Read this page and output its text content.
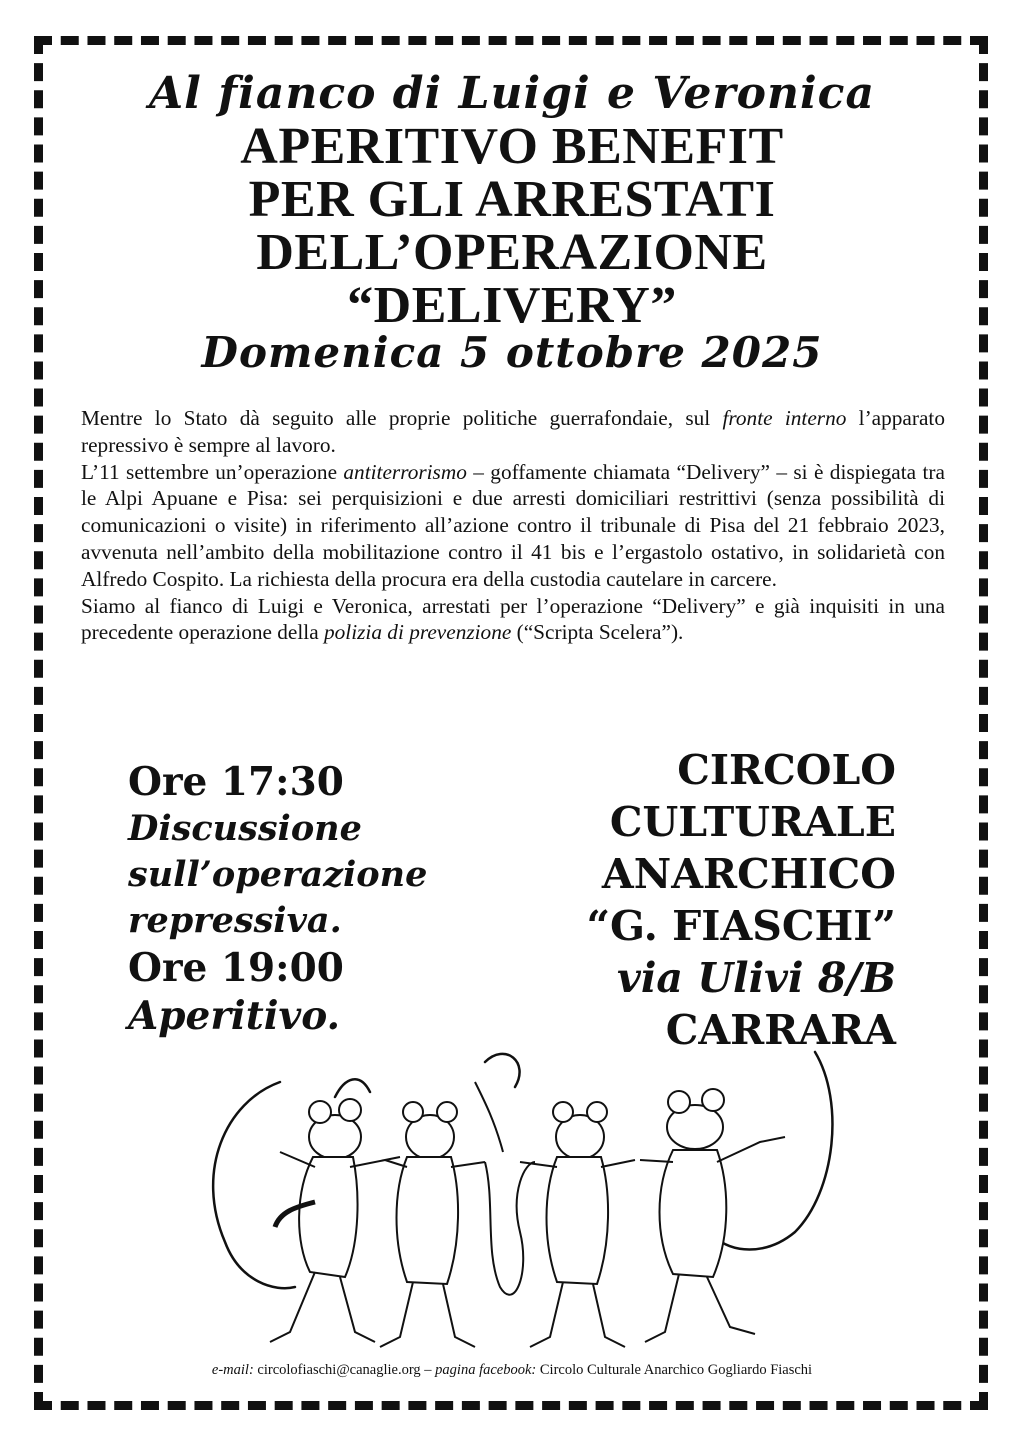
Al fianco di Luigi e Veronica
APERITIVO BENEFIT
PER GLI ARRESTATI
DELL’OPERAZIONE
“DELIVERY”
Domenica 5 ottobre 2025

Mentre lo Stato dà seguito alle proprie politiche guerrafondaie, sul fronte interno l’apparato repressivo è sempre al lavoro.

L’11 settembre un’operazione antiterrorismo – goffamente chiamata “Delivery” – si è dispiegata tra le Alpi Apuane e Pisa: sei perquisizioni e due arresti domiciliari restrittivi (senza possibilità di comunicazioni o visite) in riferimento all’azione contro il tribunale di Pisa del 21 febbraio 2023, avvenuta nell’ambito della mobilitazione contro il 41 bis e l’ergastolo ostativo, in solidarietà con Alfredo Cospito. La richiesta della procura era della custodia cautelare in carcere.

Siamo al fianco di Luigi e Veronica, arrestati per l’operazione “Delivery” e già inquisiti in una precedente operazione della polizia di prevenzione (“Scripta Scelera”).

Ore 17:30
Discussione
sull’operazione
repressiva.
Ore 19:00
Aperitivo.
CIRCOLO
CULTURALE
ANARCHICO
“G. FIASCHI”
via Ulivi 8/B
CARRARA
e-mail: circolofiaschi@canaglie.org – pagina facebook: Circolo Culturale Anarchico Gogliardo Fiaschi
